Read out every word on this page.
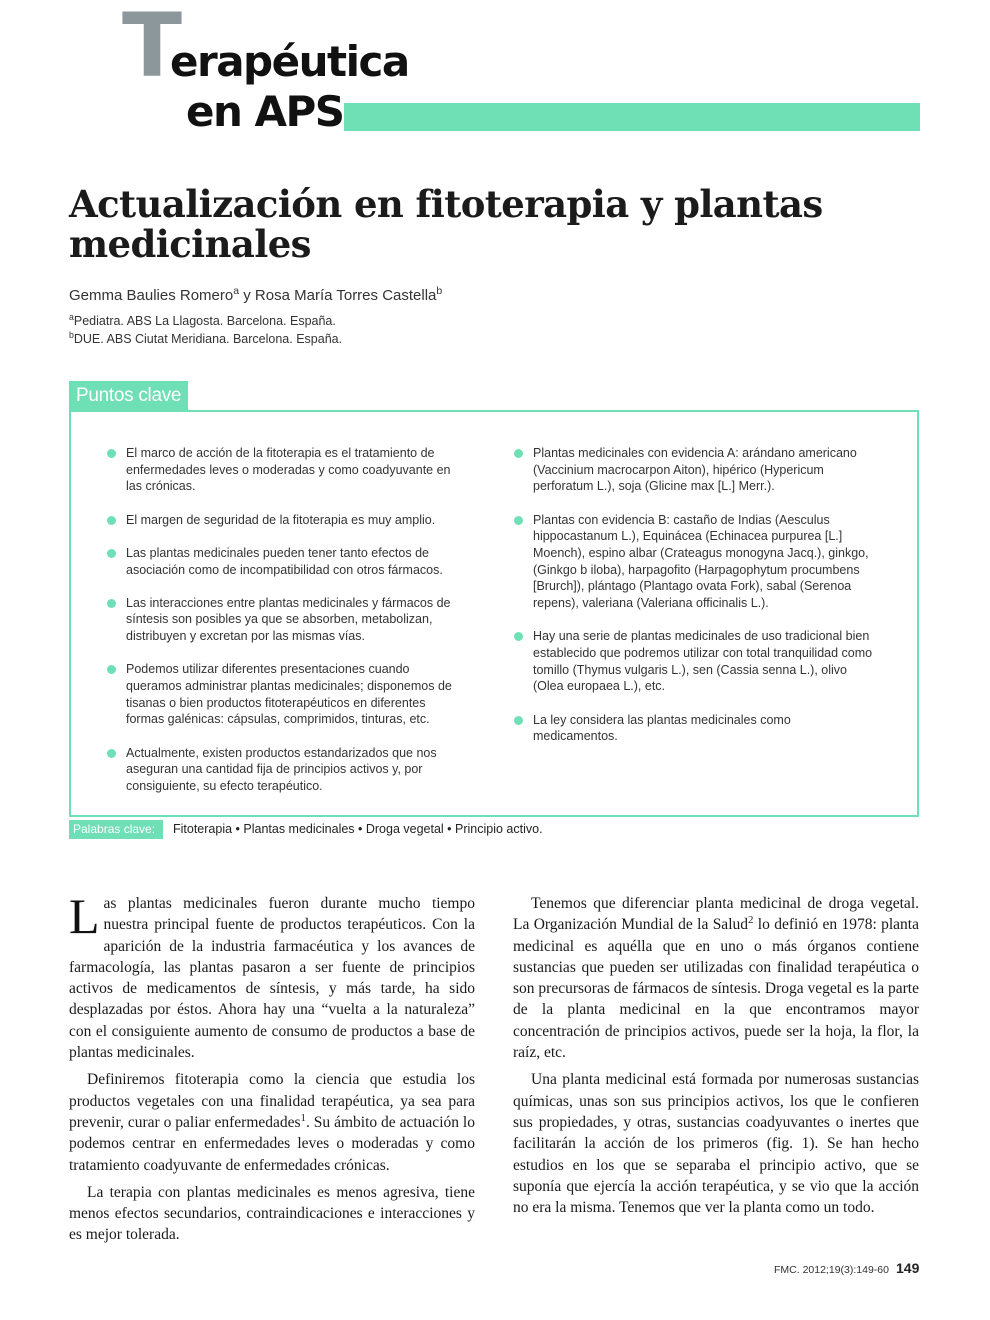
T
erapéutica
en APS
Actualización en fitoterapia y plantas medicinales
Gemma Baulies Romero$^a$ y Rosa María Torres Castella$^b$
$^a$Pediatra. ABS La Llagosta. Barcelona. España.
$^b$DUE. ABS Ciutat Meridiana. Barcelona. España.
Puntos clave
El marco de acción de la fitoterapia es el tratamiento de enfermedades leves o moderadas y como coadyuvante en las crónicas.
El margen de seguridad de la fitoterapia es muy amplio.
Las plantas medicinales pueden tener tanto efectos de asociación como de incompatibilidad con otros fármacos.
Las interacciones entre plantas medicinales y fármacos de síntesis son posibles ya que se absorben, metabolizan, distribuyen y excretan por las mismas vías.
Podemos utilizar diferentes presentaciones cuando queramos administrar plantas medicinales; disponemos de tisanas o bien productos fitoterapéuticos en diferentes formas galénicas: cápsulas, comprimidos, tinturas, etc.
Actualmente, existen productos estandarizados que nos aseguran una cantidad fija de principios activos y, por consiguiente, su efecto terapéutico.
Plantas medicinales con evidencia A: arándano americano (Vaccinium macrocarpon Aiton), hipérico (Hypericum perforatum L.), soja (Glicine max [L.] Merr.).
Plantas con evidencia B: castaño de Indias (Aesculus hippocastanum L.), Equinácea (Echinacea purpurea [L.] Moench), espino albar (Crateagus monogyna Jacq.), ginkgo, (Ginkgo b iloba), harpagofito (Harpagophytum procumbens [Brurch]), plántago (Plantago ovata Fork), sabal (Serenoa repens), valeriana (Valeriana officinalis L.).
Hay una serie de plantas medicinales de uso tradicional bien establecido que podremos utilizar con total tranquilidad como tomillo (Thymus vulgaris L.), sen (Cassia senna L.), olivo (Olea europaea L.), etc.
La ley considera las plantas medicinales como medicamentos.
Palabras clave: Fitoterapia • Plantas medicinales • Droga vegetal • Principio activo.

Las plantas medicinales fueron durante mucho tiempo nuestra principal fuente de productos terapéuticos. Con la aparición de la industria farmacéutica y los avances de farmacología, las plantas pasaron a ser fuente de principios activos de medicamentos de síntesis, y más tarde, ha sido desplazadas por éstos. Ahora hay una “vuelta a la naturaleza” con el consiguiente aumento de consumo de productos a base de plantas medicinales.

Definiremos fitoterapia como la ciencia que estudia los productos vegetales con una finalidad terapéutica, ya sea para prevenir, curar o paliar enfermedades$^1$. Su ámbito de actuación lo podemos centrar en enfermedades leves o moderadas y como tratamiento coadyuvante de enfermedades crónicas.

La terapia con plantas medicinales es menos agresiva, tiene menos efectos secundarios, contraindicaciones e interacciones y es mejor tolerada.

Tenemos que diferenciar planta medicinal de droga vegetal. La Organización Mundial de la Salud$^2$ lo definió en 1978: planta medicinal es aquélla que en uno o más órganos contiene sustancias que pueden ser utilizadas con finalidad terapéutica o son precursoras de fármacos de síntesis. Droga vegetal es la parte de la planta medicinal en la que encontramos mayor concentración de principios activos, puede ser la hoja, la flor, la raíz, etc.

Una planta medicinal está formada por numerosas sustancias químicas, unas son sus principios activos, los que le confieren sus propiedades, y otras, sustancias coadyuvantes o inertes que facilitarán la acción de los primeros (fig. 1). Se han hecho estudios en los que se separaba el principio activo, que se suponía que ejercía la acción terapéutica, y se vio que la acción no era la misma. Tenemos que ver la planta como un todo.

FMC. 2012;19(3):149-60 149
